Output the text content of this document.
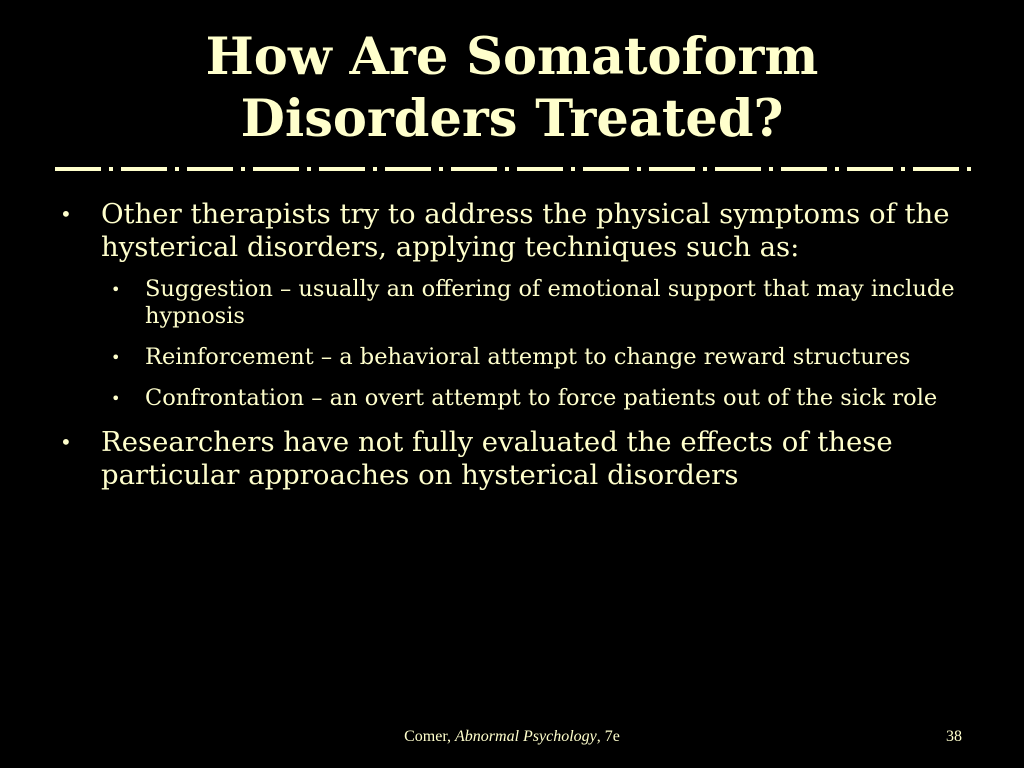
How Are Somatoform
Disorders Treated?
• Other therapists try to address the physical symptoms of the hysterical disorders, applying techniques such as:
• Suggestion – usually an offering of emotional support that may include hypnosis
• Reinforcement – a behavioral attempt to change reward structures
• Confrontation – an overt attempt to force patients out of the sick role
• Researchers have not fully evaluated the effects of these particular approaches on hysterical disorders
Comer, Abnormal Psychology, 7e	38
